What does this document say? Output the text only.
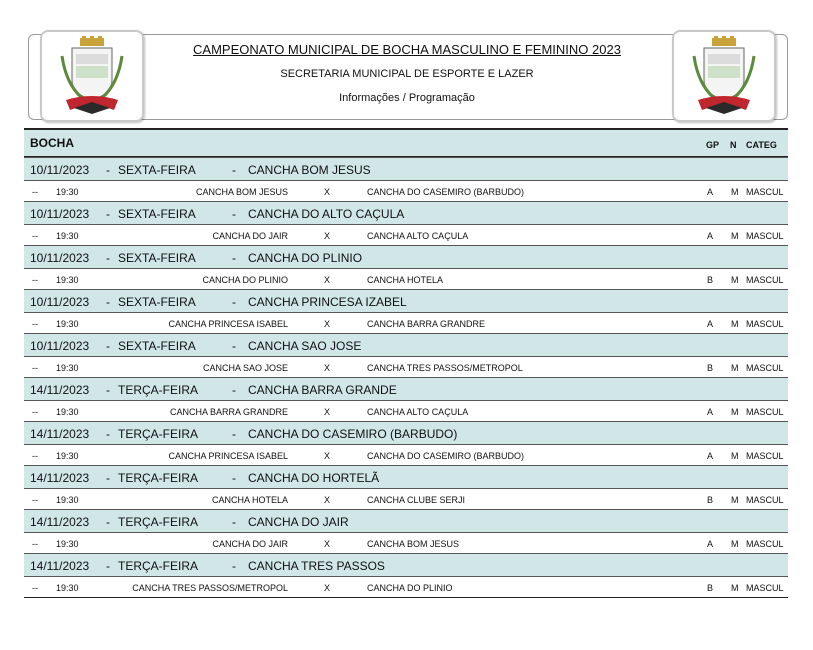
CAMPEONATO MUNICIPAL DE BOCHA MASCULINO E FEMININO 2023
SECRETARIA MUNICIPAL DE ESPORTE E LAZER
Informações / Programação
BOCHA	GP N CATEG
10/11/2023 - SEXTA-FEIRA	- CANCHA BOM JESUS
-- 19:30	CANCHA BOM JESUS	X	CANCHA DO CASEMIRO (BARBUDO)	A M MASCUL
10/11/2023 - SEXTA-FEIRA	- CANCHA DO ALTO CAÇULA
-- 19:30	CANCHA DO JAIR	X	CANCHA ALTO CAÇULA	A M MASCUL
10/11/2023 - SEXTA-FEIRA	- CANCHA DO PLINIO
-- 19:30	CANCHA DO PLINIO	X	CANCHA HOTELA	B M MASCUL
10/11/2023 - SEXTA-FEIRA	- CANCHA PRINCESA IZABEL
-- 19:30	CANCHA PRINCESA ISABEL	X	CANCHA BARRA GRANDRE	A M MASCUL
10/11/2023 - SEXTA-FEIRA	- CANCHA SAO JOSE
-- 19:30	CANCHA SAO JOSE	X	CANCHA TRES PASSOS/METROPOL	B M MASCUL
14/11/2023 - TERÇA-FEIRA	- CANCHA BARRA GRANDE
-- 19:30	CANCHA BARRA GRANDRE	X	CANCHA ALTO CAÇULA	A M MASCUL
14/11/2023 - TERÇA-FEIRA	- CANCHA DO CASEMIRO (BARBUDO)
-- 19:30	CANCHA PRINCESA ISABEL	X	CANCHA DO CASEMIRO (BARBUDO)	A M MASCUL
14/11/2023 - TERÇA-FEIRA	- CANCHA DO HORTELÃ
-- 19:30	CANCHA HOTELA	X	CANCHA CLUBE SERJI	B M MASCUL
14/11/2023 - TERÇA-FEIRA	- CANCHA DO JAIR
-- 19:30	CANCHA DO JAIR	X	CANCHA BOM JESUS	A M MASCUL
14/11/2023 - TERÇA-FEIRA	- CANCHA TRES PASSOS
-- 19:30	CANCHA TRES PASSOS/METROPOL	X	CANCHA DO PLINIO	B M MASCUL
